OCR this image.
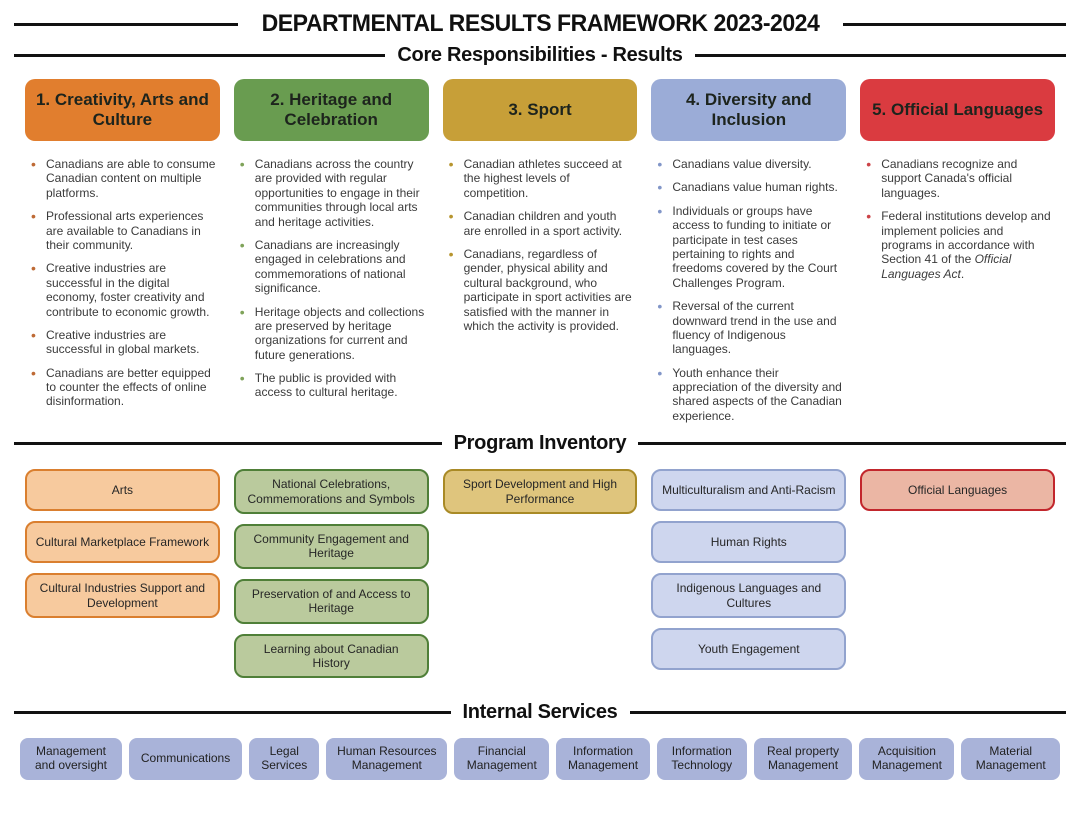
DEPARTMENTAL RESULTS FRAMEWORK 2023-2024
Core Responsibilities - Results
1. Creativity, Arts and Culture
• Canadians are able to consume Canadian content on multiple platforms.
• Professional arts experiences are available to Canadians in their community.
• Creative industries are successful in the digital economy, foster creativity and contribute to economic growth.
• Creative industries are successful in global markets.
• Canadians are better equipped to counter the effects of online disinformation.
2. Heritage and Celebration
• Canadians across the country are provided with regular opportunities to engage in their communities through local arts and heritage activities.
• Canadians are increasingly engaged in celebrations and commemorations of national significance.
• Heritage objects and collections are preserved by heritage organizations for current and future generations.
• The public is provided with access to cultural heritage.
3. Sport
• Canadian athletes succeed at the highest levels of competition.
• Canadian children and youth are enrolled in a sport activity.
• Canadians, regardless of gender, physical ability and cultural background, who participate in sport activities are satisfied with the manner in which the activity is provided.
4. Diversity and Inclusion
• Canadians value diversity.
• Canadians value human rights.
• Individuals or groups have access to funding to initiate or participate in test cases pertaining to rights and freedoms covered by the Court Challenges Program.
• Reversal of the current downward trend in the use and fluency of Indigenous languages.
• Youth enhance their appreciation of the diversity and shared aspects of the Canadian experience.
5. Official Languages
• Canadians recognize and support Canada's official languages.
• Federal institutions develop and implement policies and programs in accordance with Section 41 of the Official Languages Act.
Program Inventory
Arts
Cultural Marketplace Framework
Cultural Industries Support and Development
National Celebrations, Commemorations and Symbols
Community Engagement and Heritage
Preservation of and Access to Heritage
Learning about Canadian History
Sport Development and High Performance
Multiculturalism and Anti-Racism
Human Rights
Indigenous Languages and Cultures
Youth Engagement
Official Languages
Internal Services
Management and oversight	Communications	Legal Services
Human Resources Management
Financial Management
Information Management
Information Technology
Real property Management
Acquisition Management
Material Management
